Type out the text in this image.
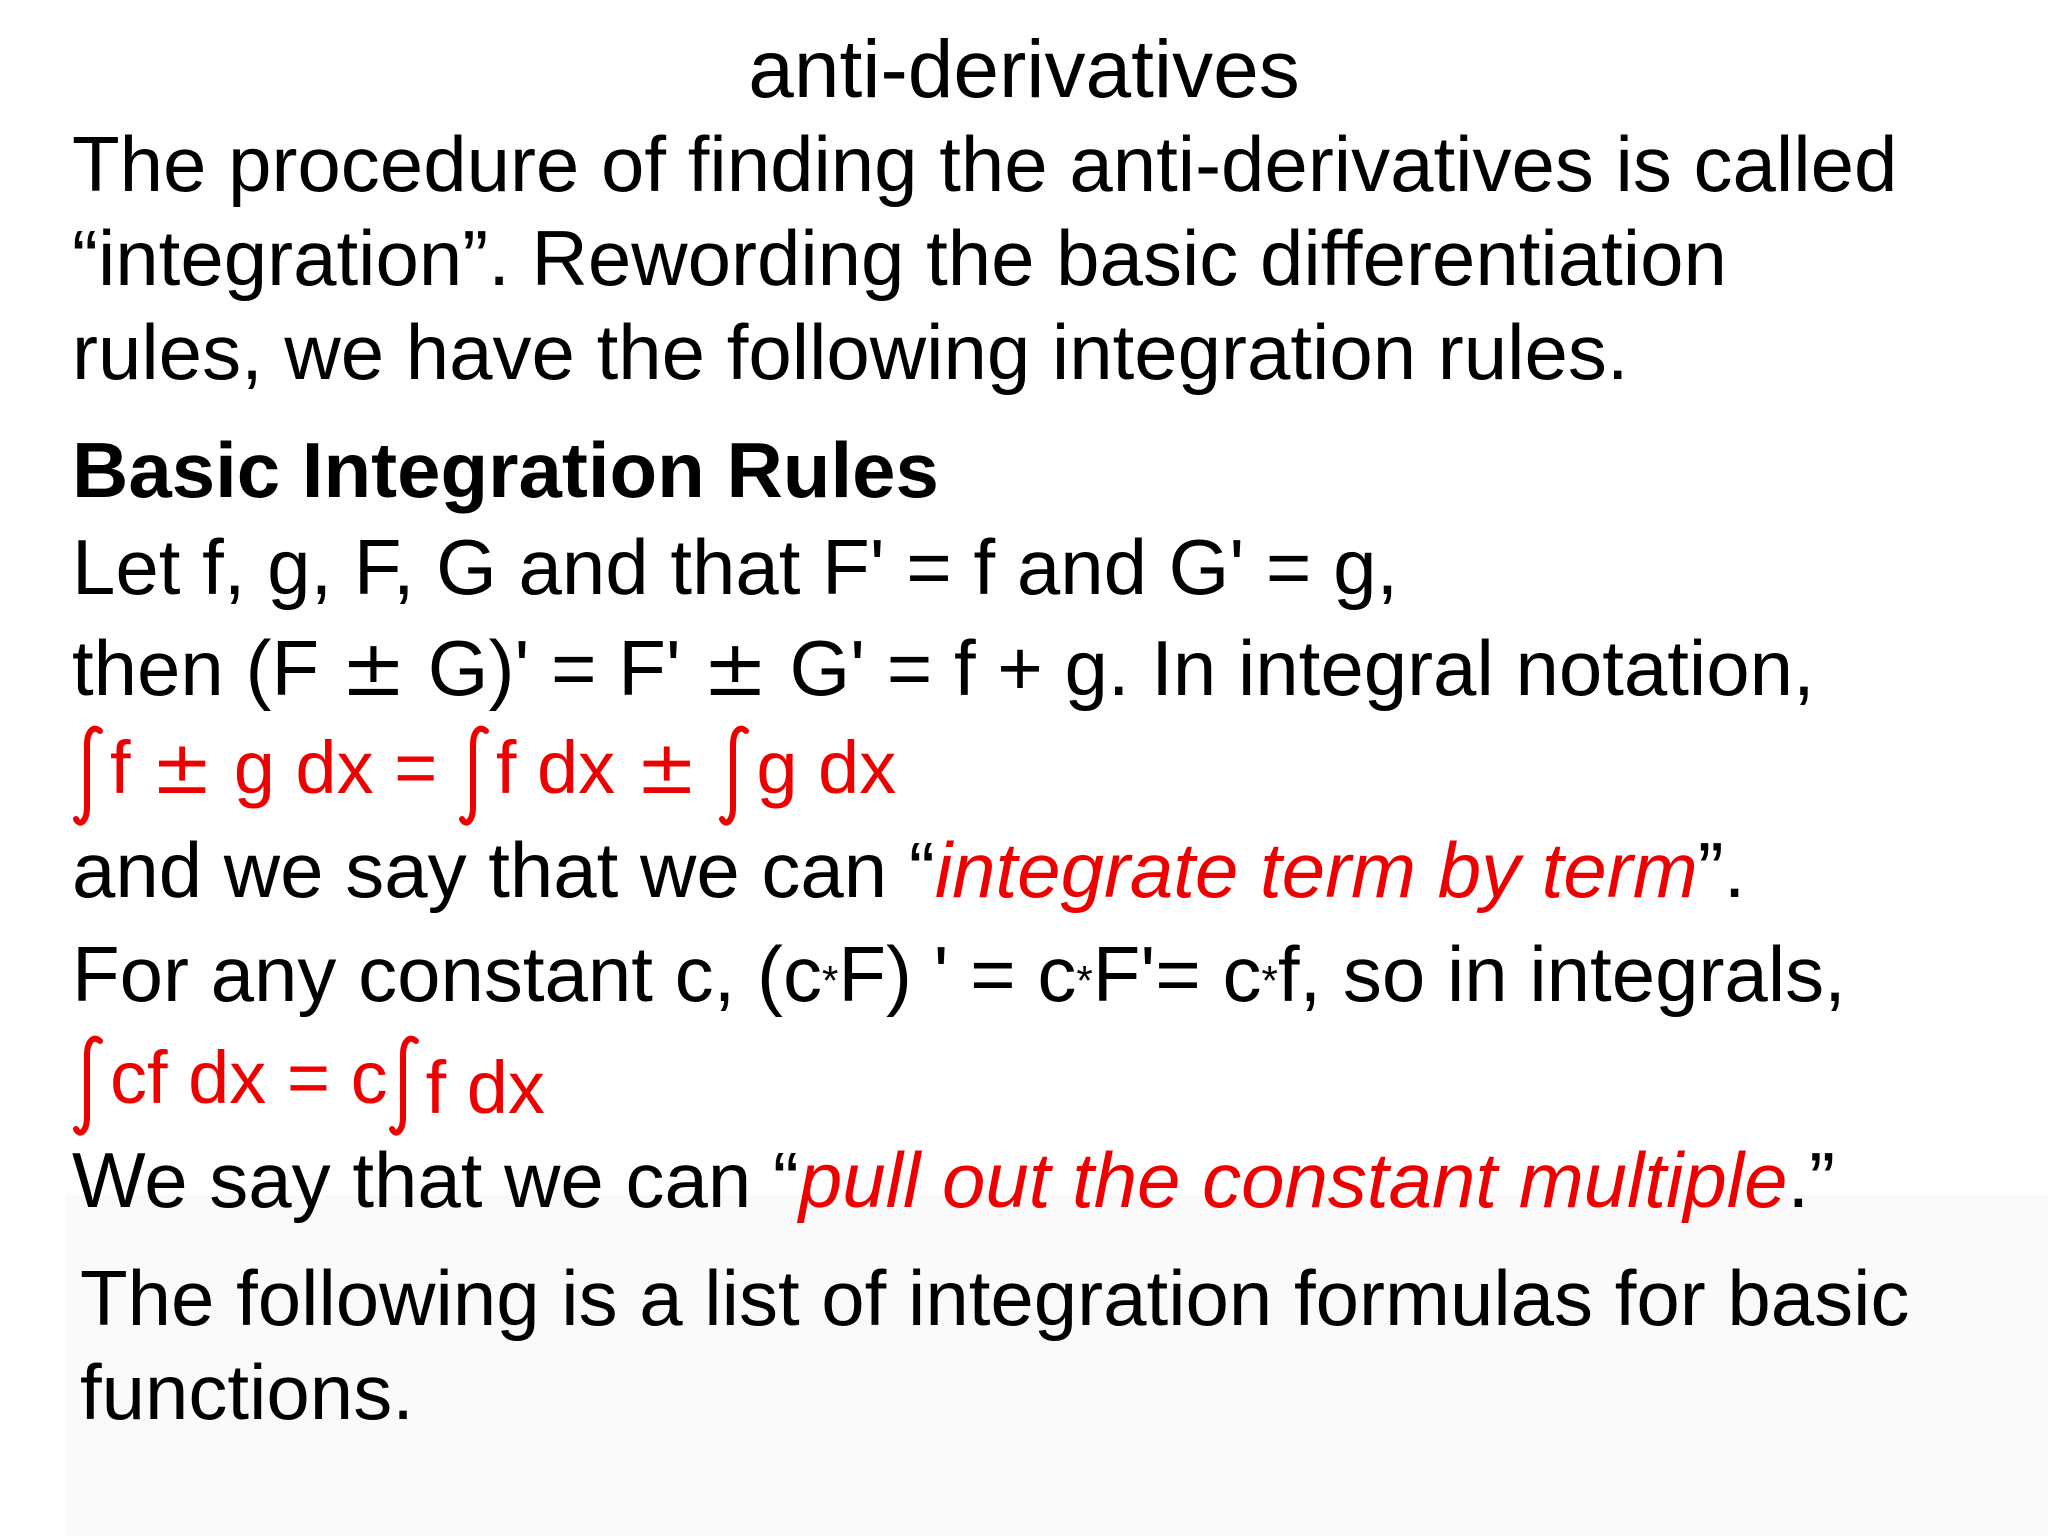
anti-derivatives
The procedure of finding the anti-derivatives is called
“integration”. Rewording the basic differentiation
rules, we have the following integration rules.
Basic Integration Rules
Let f, g, F, G and that F' = f and G' = g,
then (F ± G)' = F' ± G' = f + g. In integral notation,
f ± g dx = f dx ± g dx
and we say that we can “integrate term by term”.
For any constant c, (c*F) ' = c*F'= c*f, so in integrals,
cf dx = c f dx
We say that we can “pull out the constant multiple.”
The following is a list of integration formulas for basic
functions.
